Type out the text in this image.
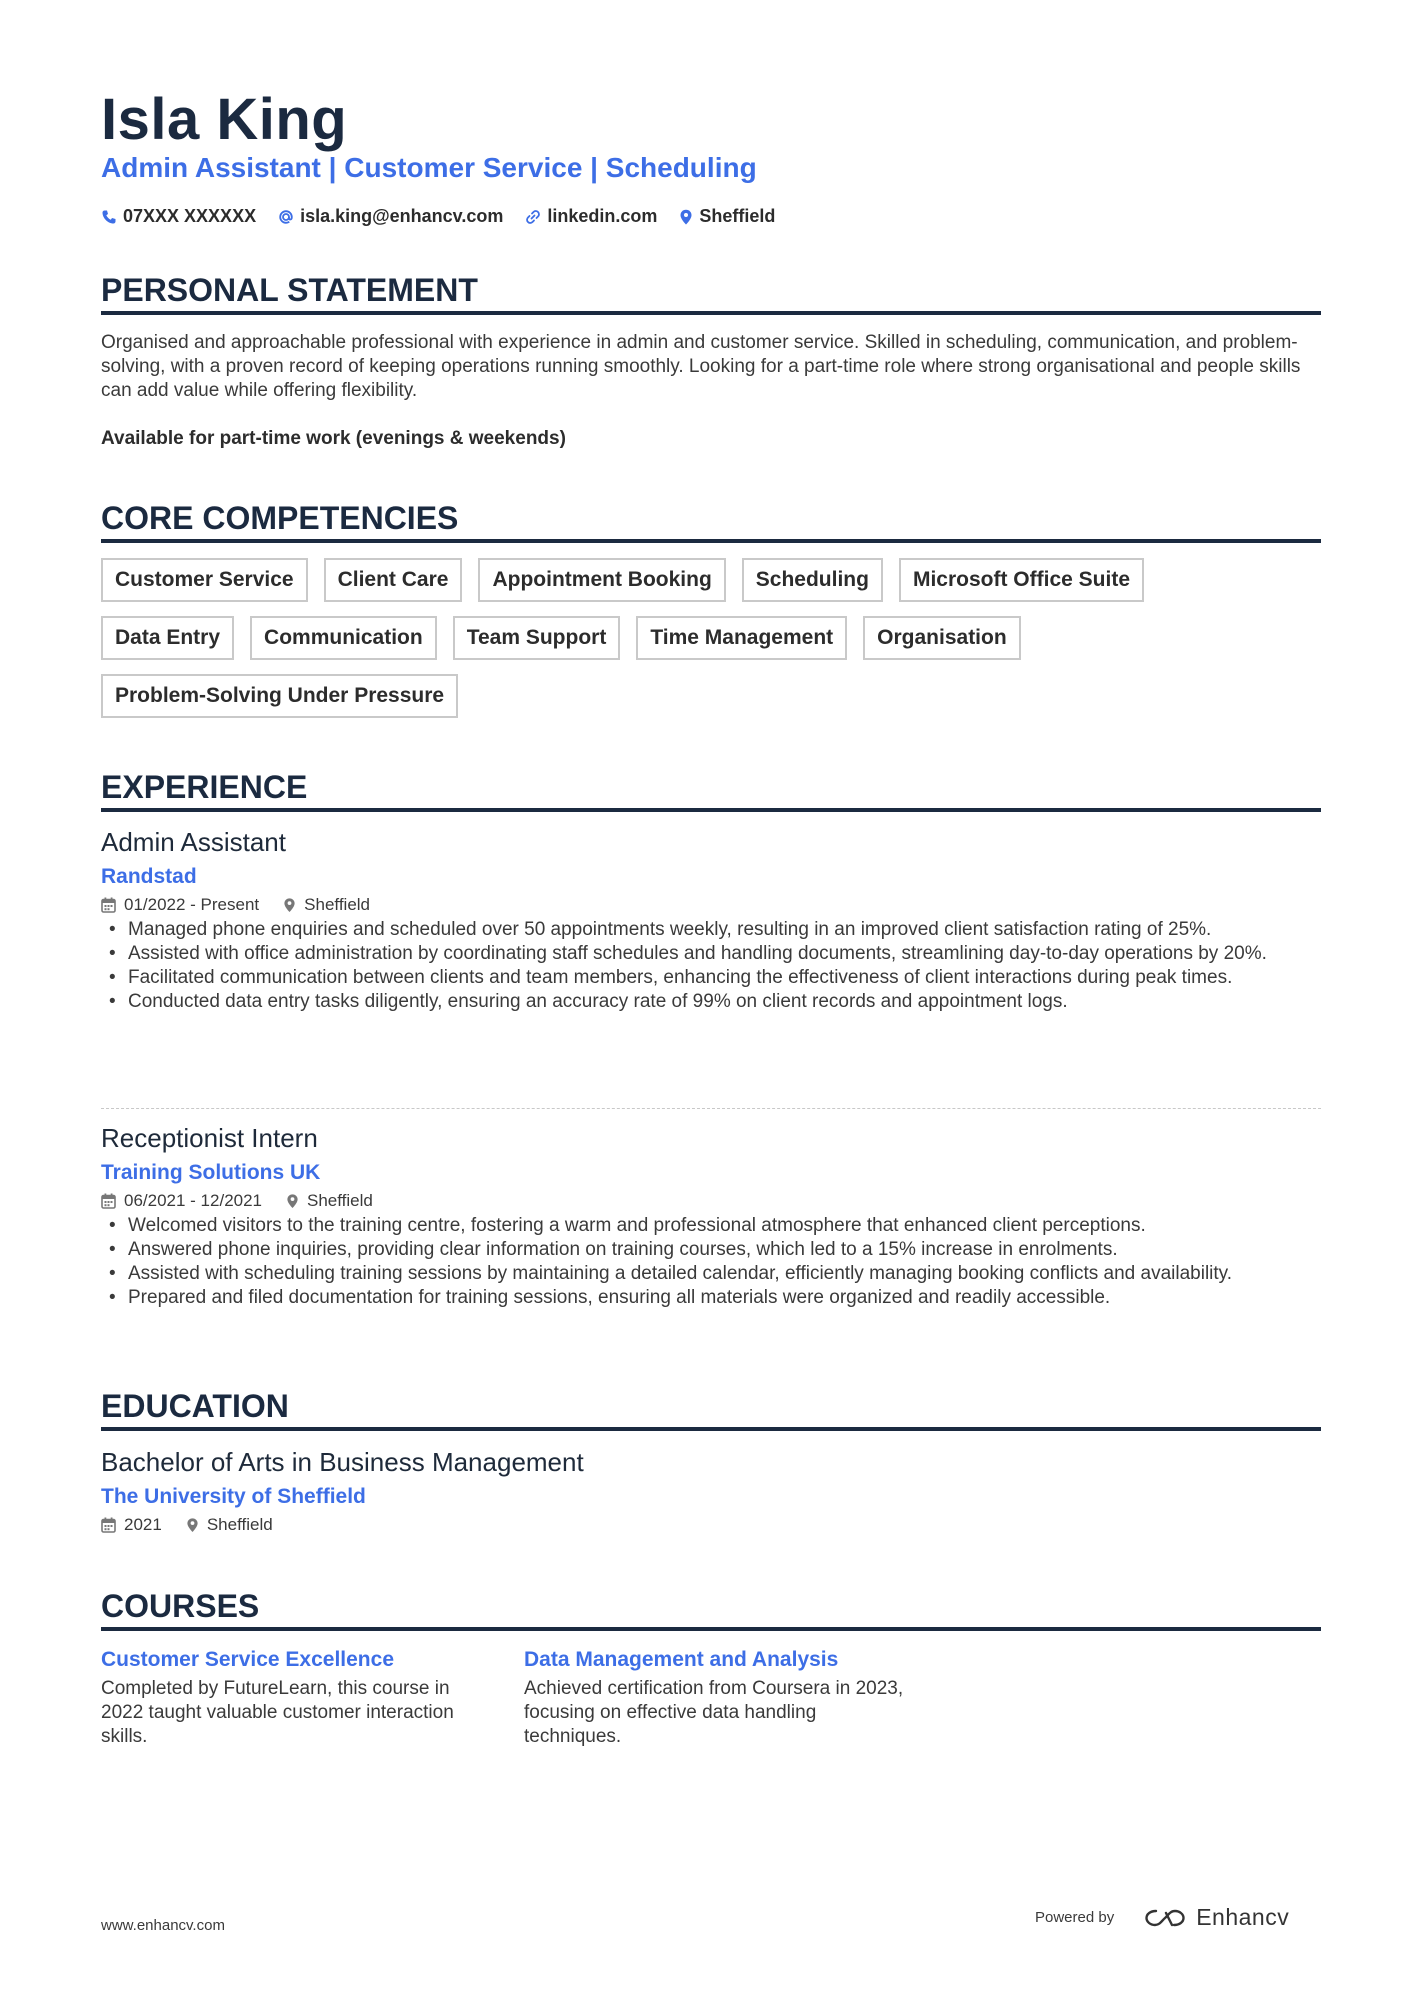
Isla King
Admin Assistant | Customer Service | Scheduling
07XXX XXXXXX isla.king@enhancv.com linkedin.com Sheffield
PERSONAL STATEMENT
Organised and approachable professional with experience in admin and customer service. Skilled in scheduling, communication, and problem-solving, with a proven record of keeping operations running smoothly. Looking for a part-time role where strong organisational and people skills can add value while offering flexibility.
Available for part-time work (evenings & weekends)
CORE COMPETENCIES
Customer Service	Client Care	Appointment Booking	Scheduling	Microsoft Office Suite
Data Entry	Communication	Team Support	Time Management	Organisation
Problem-Solving Under Pressure
EXPERIENCE
Admin Assistant
Randstad
01/2022 - Present	Sheffield
• Managed phone enquiries and scheduled over 50 appointments weekly, resulting in an improved client satisfaction rating of 25%.
• Assisted with office administration by coordinating staff schedules and handling documents, streamlining day-to-day operations by 20%.
• Facilitated communication between clients and team members, enhancing the effectiveness of client interactions during peak times.
• Conducted data entry tasks diligently, ensuring an accuracy rate of 99% on client records and appointment logs.
Receptionist Intern
Training Solutions UK
06/2021 - 12/2021	Sheffield
• Welcomed visitors to the training centre, fostering a warm and professional atmosphere that enhanced client perceptions.
• Answered phone inquiries, providing clear information on training courses, which led to a 15% increase in enrolments.
• Assisted with scheduling training sessions by maintaining a detailed calendar, efficiently managing booking conflicts and availability.
• Prepared and filed documentation for training sessions, ensuring all materials were organized and readily accessible.
EDUCATION
Bachelor of Arts in Business Management
The University of Sheffield
2021	Sheffield
COURSES
Customer Service Excellence
Completed by FutureLearn, this course in 2022 taught valuable customer interaction skills.
Data Management and Analysis
Achieved certification from Coursera in 2023, focusing on effective data handling techniques.
www.enhancv.com	Powered by	Enhancv
